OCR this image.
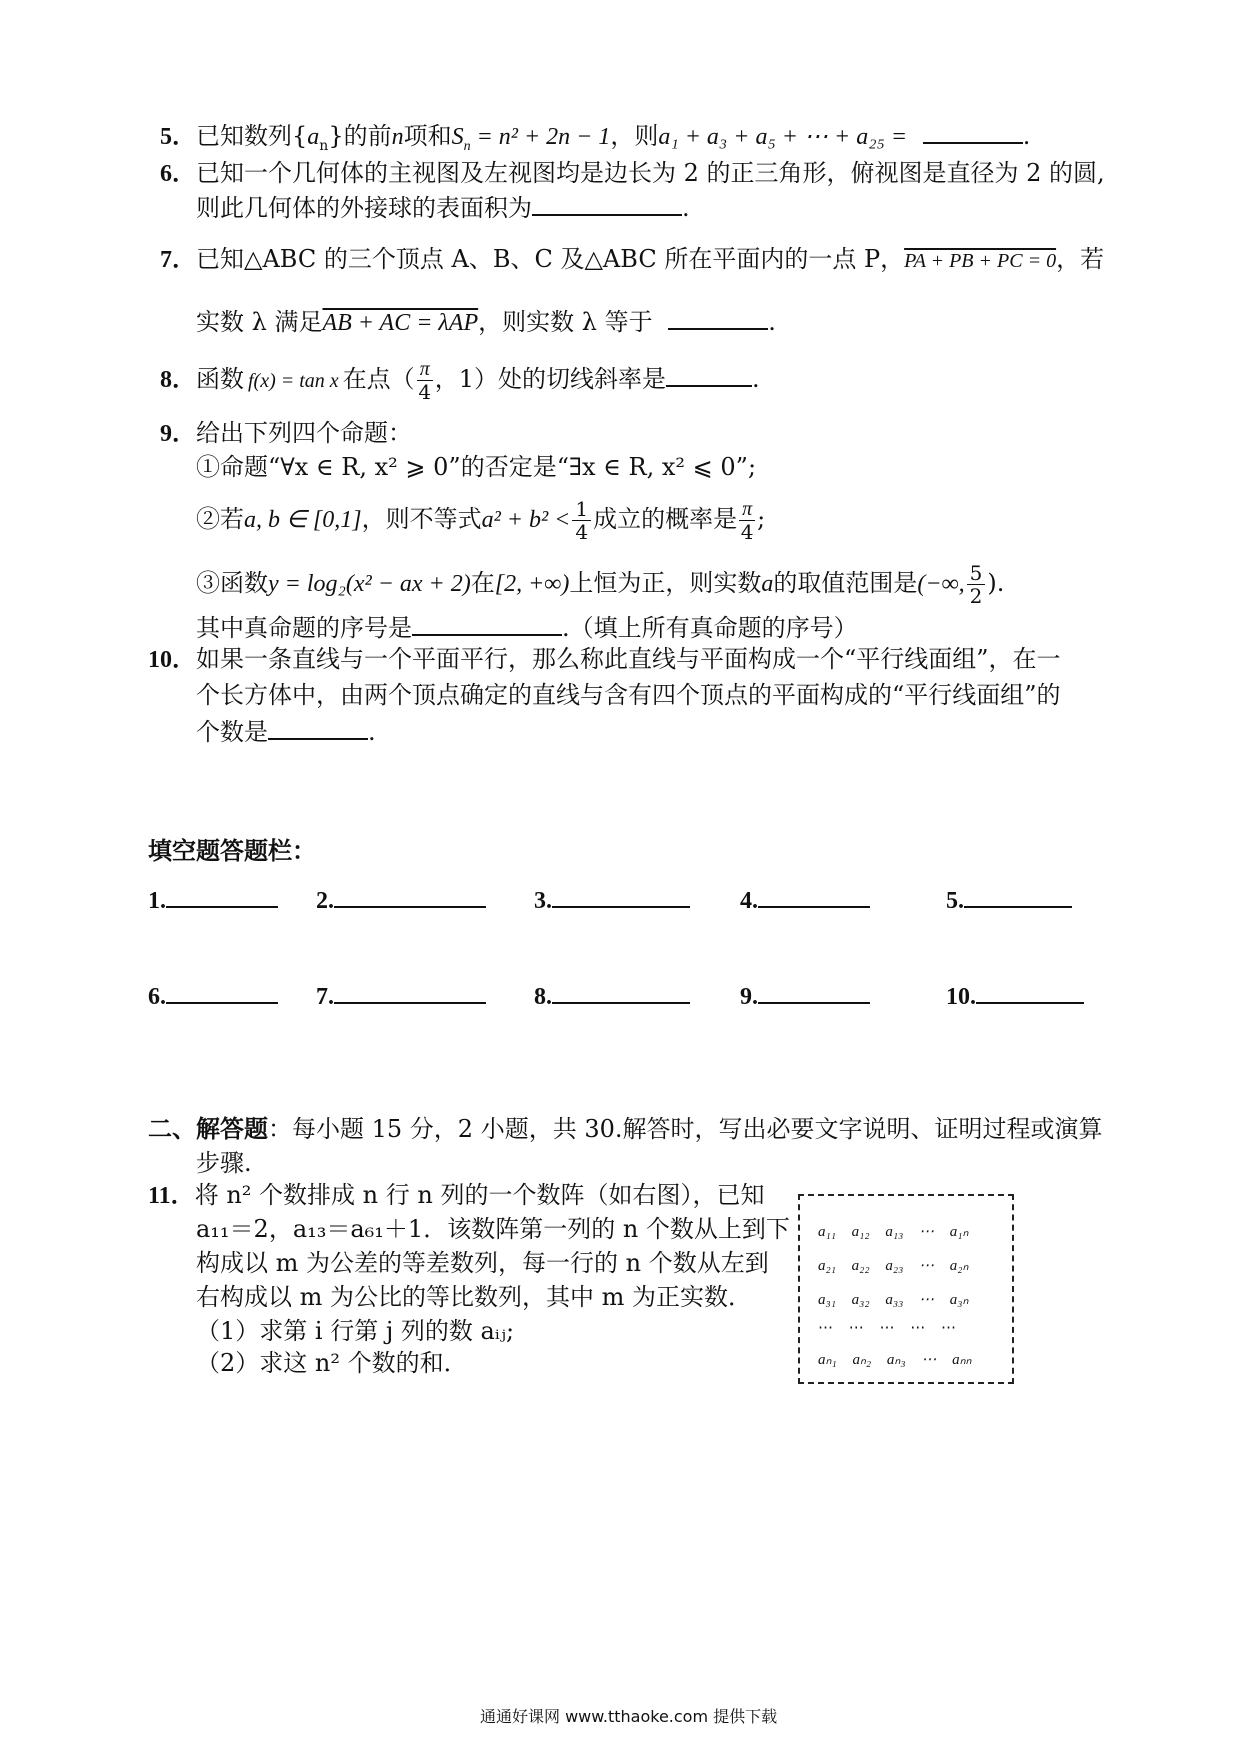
5．已知数列$\{a_n\}$的前n项和$S_n = n^2 + 2n - 1$，则a₁ + a₃ + a₅ + ⋯ + a₂₅ =	.
6．已知一个几何体的主视图及左视图均是边长为 2 的正三角形，俯视图是直径为 2 的圆,
则此几何体的外接球的表面积为	.
7．已知△ABC 的三个顶点 A、B、C 及△ABC 所在平面内的一点 P，PA + PB + PC = 0，若
实数 λ 满足AB + AC = λAP，则实数 λ 等于	.
8．函数 f(x) = tan x 在点（ $\frac{\pi}{4}$ ，1）处的切线斜率是	.
9．给出下列四个命题：
①命题“∀x ∈ R, x² ⩾ 0”的否定是“∃x ∈ R, x² ⩽ 0”;
②若a, b ∈ [0,1]，则不等式$a^2 + b^2 < \frac{1}{4}$ 成立的概率是 $\frac{\pi}{4}$ ;
③函数y = log₂(x² − ax + 2)在[2, +∞)上恒为正，则实数a的取值范围是(−∞, $\frac{5}{2}$ ).
其中真命题的序号是	.（填上所有真命题的序号）
10．如果一条直线与一个平面平行，那么称此直线与平面构成一个“平行线面组”，在一
个长方体中，由两个顶点确定的直线与含有四个顶点的平面构成的“平行线面组”的
个数是	.
填空题答题栏：
1.	2.	3.	4.	5.
6.	7.	8.	9.	10.
二、解答题：每小题 15 分，2 小题，共 30.解答时，写出必要文字说明、证明过程或演算
步骤.
11．将 n² 个数排成 n 行 n 列的一个数阵（如右图），已知
a₁₁＝2，a₁₃＝a₆₁＋1．该数阵第一列的 n 个数从上到下
构成以 m 为公差的等差数列，每一行的 n 个数从左到
右构成以 m 为公比的等比数列，其中 m 为正实数．
（1）求第 i 行第 j 列的数 aᵢⱼ;
（2）求这 n² 个数的和．
a₁₁ a₁₂ a₁₃ ⋯ a₁ₙ
a₂₁ a₂₂ a₂₃ ⋯ a₂ₙ
a₃₁ a₃₂ a₃₃ ⋯ a₃ₙ
⋯ ⋯ ⋯ ⋯ ⋯
aₙ₁ aₙ₂ aₙ₃ ⋯ aₙₙ
通通好课网 www.tthaoke.com 提供下载
